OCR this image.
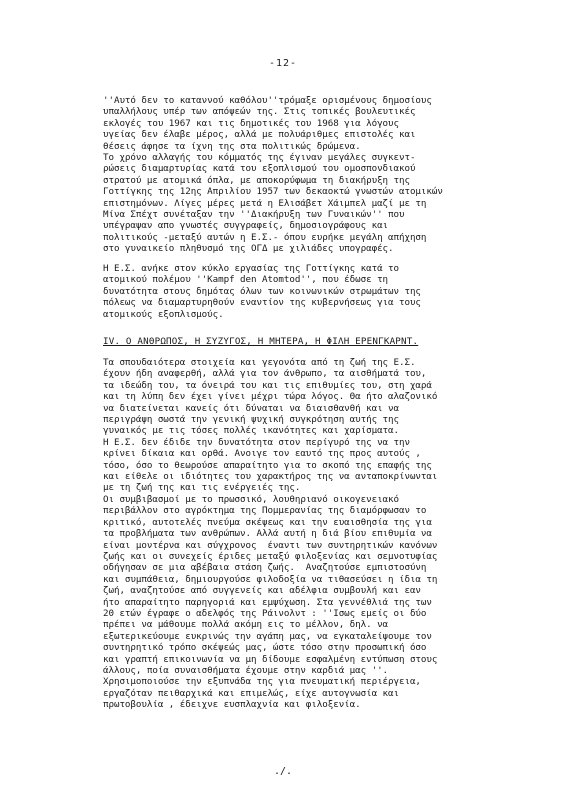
-12-
''Αυτό δεν το καταννού καθόλου''τρόμαξε ορισμένους δημοσίους
υπαλλήλους υπέρ των απόψεών της. Στις τοπικές βουλευτικές
εκλογές του 1967 και τις δημοτικές του 1968 για λόγους
υγείας δεν έλαβε μέρος, αλλά με πολυάριθμες επιστολές και
θέσεις άφησε τα ίχνη της στα πολιτικώς δρώμενα.
Το χρόνο αλλαγής του κόμματός της έγιναν μεγάλες συγκεντ-
ρώσεις διαμαρτυρίας κατά του εξοπλισμού του ομοσπονδιακού
στρατού με ατομικά όπλα, με αποκορύφωμα τη διακήρυξη της
Γοττίγκης της 12ης Απριλίου 1957 των δεκαοκτώ γνωστών ατομικών
επιστημόνων. Λίγες μέρες μετά η Ελισάβετ Χάιμπελ μαζί με τη
Μίνα Σπέχτ συνέταξαν την ''Διακήρυξη των Γυναικών'' που
υπέγραψαν απο γνωστές συγγραφείς, δημοσιογράφους και
πολιτικούς -μεταξύ αυτών η Ε.Σ.- όπου ευρήκε μεγάλη απήχηση
στο γυναικείο πληθυσμό της ΟΓΔ με χιλιάδες υπογραφές.
Η Ε.Σ. ανήκε στον κύκλο εργασίας της Γοττίγκης κατά το
ατομικού πολέμου ''Kampf den Atomtod'', που έδωσε τη
δυνατότητα στους δημότας όλων των κοινωνικών στρωμάτων της
πόλεως να διαμαρτυρηθούν εναντίον της κυβερνήσεως για τους
ατομικούς εξοπλισμούς.
IV. Ο ΑΝΘΡΩΠΟΣ, Η ΣΥΖΥΓΟΣ, Η ΜΗΤΕΡΑ, Η ΦΙΛΗ ΕΡΕΝΓΚΑΡΝΤ.
Τα σπουδαιότερα στοιχεία και γεγονότα από τη ζωή της Ε.Σ.
έχουν ήδη αναφερθή, αλλά για τον άνθρωπο, τα αισθήματά του,
τα ιδεώδη του, τα όνειρά του και τις επιθυμίες του, στη χαρά
και τη λύπη δεν έχει γίνει μέχρι τώρα λόγος. Θα ήτο αλαζονικό
να διατείνεται κανείς ότι δύναται να διαισθανθή και να
περιγράψη σωστά την γενική ψυχική συγκρότηση αυτής της
γυναικός με τις τόσες πολλές ικανότητες και χαρίσματα.
Η Ε.Σ. δεν έδιδε την δυνατότητα στον περίγυρό της να την
κρίνει δίκαια και ορθά. Ανοιγε τον εαυτό της προς αυτούς ,
τόσο, όσο το θεωρούσε απαραίτητο για το σκοπό της επαφής της
και είθελε οι ιδιότητες του χαρακτήρος της να ανταποκρίνωνται
με τη ζωή της και τις ενέργειές της.
Οι συμβιβασμοί με το πρωσσικό, λουθηριανό οικογενειακό
περιβάλλον στο αγρόκτημα της Πομμερανίας της διαμόρφωσαν το
κριτικό, αυτοτελές πνεύμα σκέψεως και την ευαισθησία της για
τα προβλήματα των ανθρώπων. Αλλά αυτή η διά βίου επιθυμία να
είναι μοντέρνα και σύγχρονος  έναντι των συντηρητικών κανόνων
ζωής και οι συνεχείς έριδες μεταξύ φιλοξενίας και σεμνοτυφίας
οδήγησαν σε μια αβέβαια στάση ζωής.  Αναζητούσε εμπιστοσύνη
και συμπάθεια, δημιουργούσε φιλοδοξία να τιθασεύσει η ίδια τη
ζωή, αναζητούσε από συγγενείς και αδέλφια συμβουλή και εαν
ήτο απαραίτητο παρηγοριά και εμψύχωση. Στα γεννέθλιά της των
20 ετών έγραφε ο αδελφός της Ράινολντ : ''Ισως εμείς οι δύο
πρέπει να μάθουμε πολλά ακόμη εις το μέλλον, δηλ. να
εξωτερικεύουμε ευκρινώς την αγάπη μας, να εγκαταλείψουμε τον
συντηρητικό τρόπο σκέψεώς μας, ώστε τόσο στην προσωπική όσο
και γραπτή επικοινωνία να μη δίδουμε εσφαλμένη εντύπωση στους
άλλους, ποία συναισθήματα έχουμε στην καρδιά μας ''.
Χρησιμοποιούσε την εξυπνάδα της για πνευματική περιέργεια,
εργαζόταν πειθαρχικά και επιμελώς, είχε αυτογνωσία και
πρωτοβουλία , έδειχνε ευσπλαχνία και φιλοξενία.
./.
